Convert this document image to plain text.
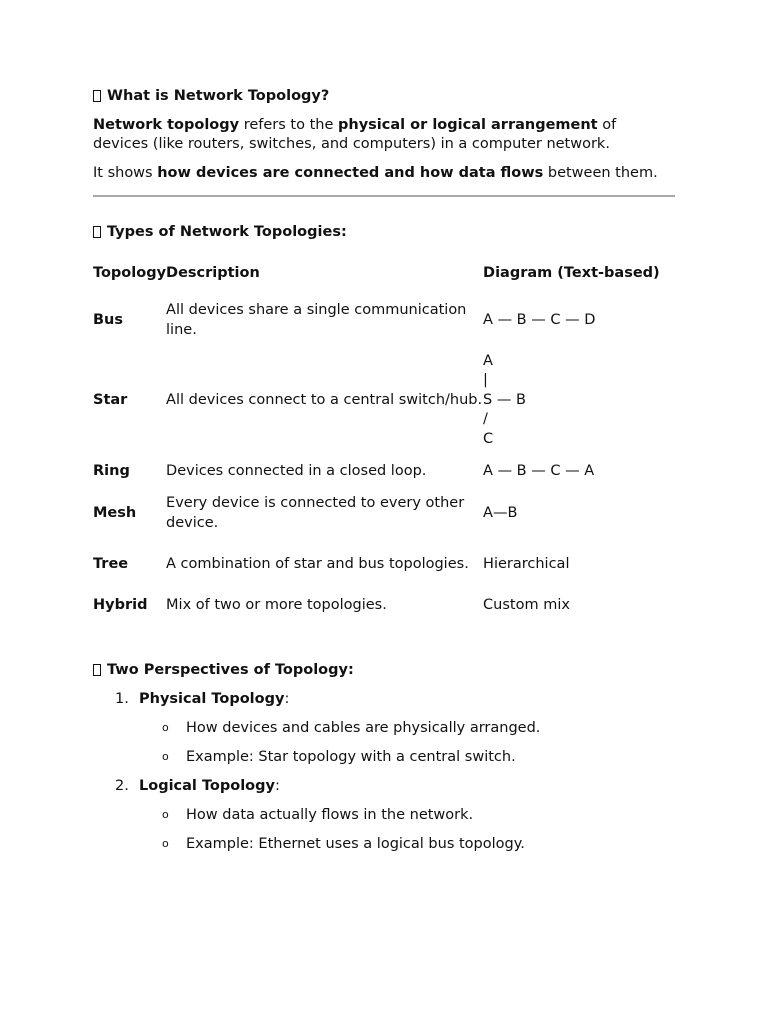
What is Network Topology?

Network topology refers to the physical or logical arrangement of devices (like routers, switches, and computers) in a computer network.

It shows how devices are connected and how data flows between them.

Types of Network Topologies:
Topology	Description	Diagram (Text-based)
Bus	All devices share a single communication line.	A — B — C — D
Star	All devices connect to a central switch/hub.	A
|
S — B
/
C

Ring	Devices connected in a closed loop.	A — B — C — A
Mesh	Every device is connected to every other device.	A—B
Tree	A combination of star and bus topologies.	Hierarchical
Hybrid	Mix of two or more topologies.	Custom mix
Two Perspectives of Topology:
1. Physical Topology:
o How devices and cables are physically arranged.
o Example: Star topology with a central switch.
2. Logical Topology:
o How data actually flows in the network.
o Example: Ethernet uses a logical bus topology.
